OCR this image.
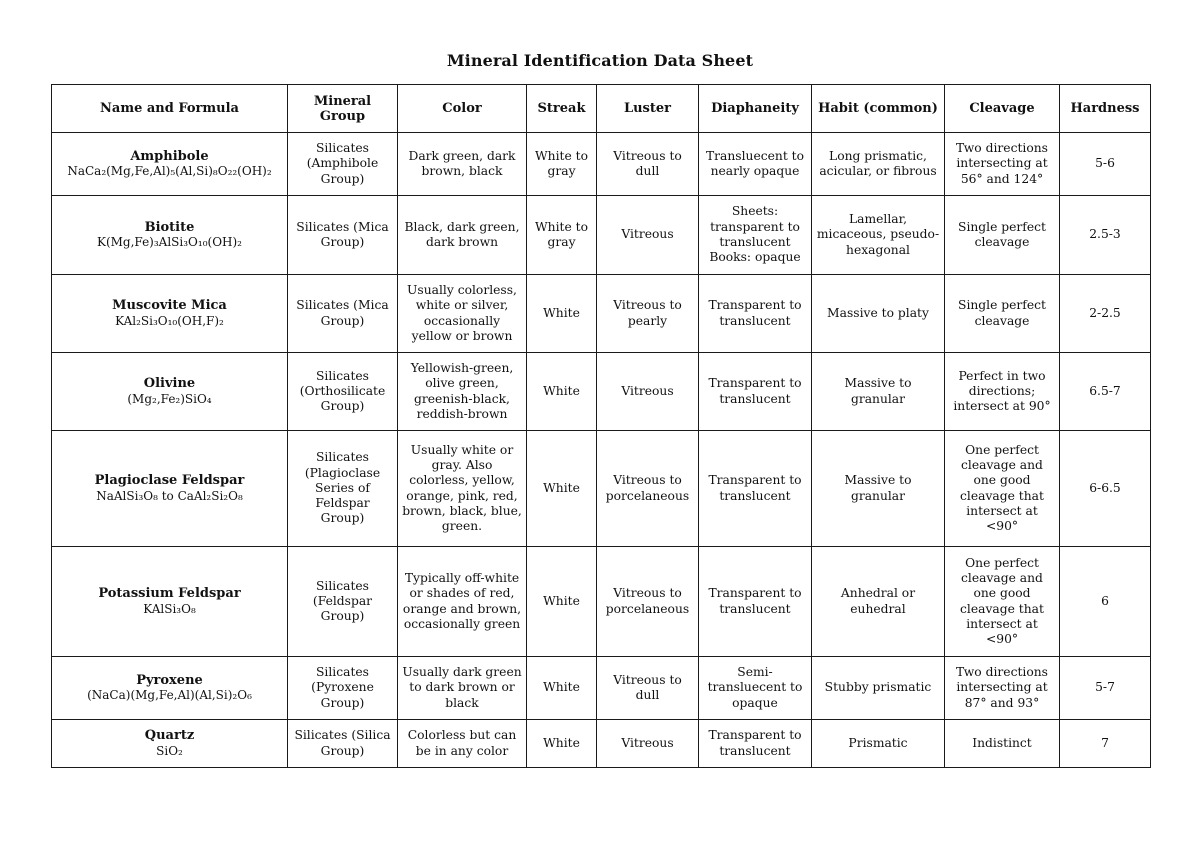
Mineral Identification Data Sheet
Name and Formula	Mineral Group	Color	Streak	Luster	Diaphaneity	Habit (common)	Cleavage	Hardness

Amphibole
NaCa₂(Mg,Fe,Al)₅(Al,Si)₈O₂₂(OH)₂	Silicates (Amphibole Group)	Dark green, dark brown, black	White to gray	Vitreous to dull	Transluecent to nearly opaque	Long prismatic, acicular, or fibrous	Two directions intersecting at 56° and 124°	5-6

Biotite
K(Mg,Fe)₃AlSi₃O₁₀(OH)₂	Silicates (Mica Group)	Black, dark green, dark brown	White to gray	Vitreous	Sheets: transparent to translucent Books: opaque	Lamellar, micaceous, pseudo-hexagonal	Single perfect cleavage	2.5-3

Muscovite Mica
KAl₂Si₃O₁₀(OH,F)₂	Silicates (Mica Group)	Usually colorless, white or silver, occasionally yellow or brown	White	Vitreous to pearly	Transparent to translucent	Massive to platy	Single perfect cleavage	2-2.5

Olivine
(Mg₂,Fe₂)SiO₄	Silicates (Orthosilicate Group)	Yellowish-green, olive green, greenish-black, reddish-brown	White	Vitreous	Transparent to translucent	Massive to granular	Perfect in two directions; intersect at 90°	6.5-7

Plagioclase Feldspar
NaAlSi₃O₈ to CaAl₂Si₂O₈	Silicates (Plagioclase Series of Feldspar Group)	Usually white or gray. Also colorless, yellow, orange, pink, red, brown, black, blue, green.	White	Vitreous to porcelaneous	Transparent to translucent	Massive to granular	One perfect cleavage and one good cleavage that intersect at <90°	6-6.5

Potassium Feldspar
KAlSi₃O₈	Silicates (Feldspar Group)	Typically off-white or shades of red, orange and brown, occasionally green	White	Vitreous to porcelaneous	Transparent to translucent	Anhedral or euhedral	One perfect cleavage and one good cleavage that intersect at <90°	6

Pyroxene
(NaCa)(Mg,Fe,Al)(Al,Si)₂O₆	Silicates (Pyroxene Group)	Usually dark green to dark brown or black	White	Vitreous to dull	Semi-transluecent to opaque	Stubby prismatic	Two directions intersecting at 87° and 93°	5-7

Quartz
SiO₂	Silicates (Silica Group)	Colorless but can be in any color	White	Vitreous	Transparent to translucent	Prismatic	Indistinct	7
